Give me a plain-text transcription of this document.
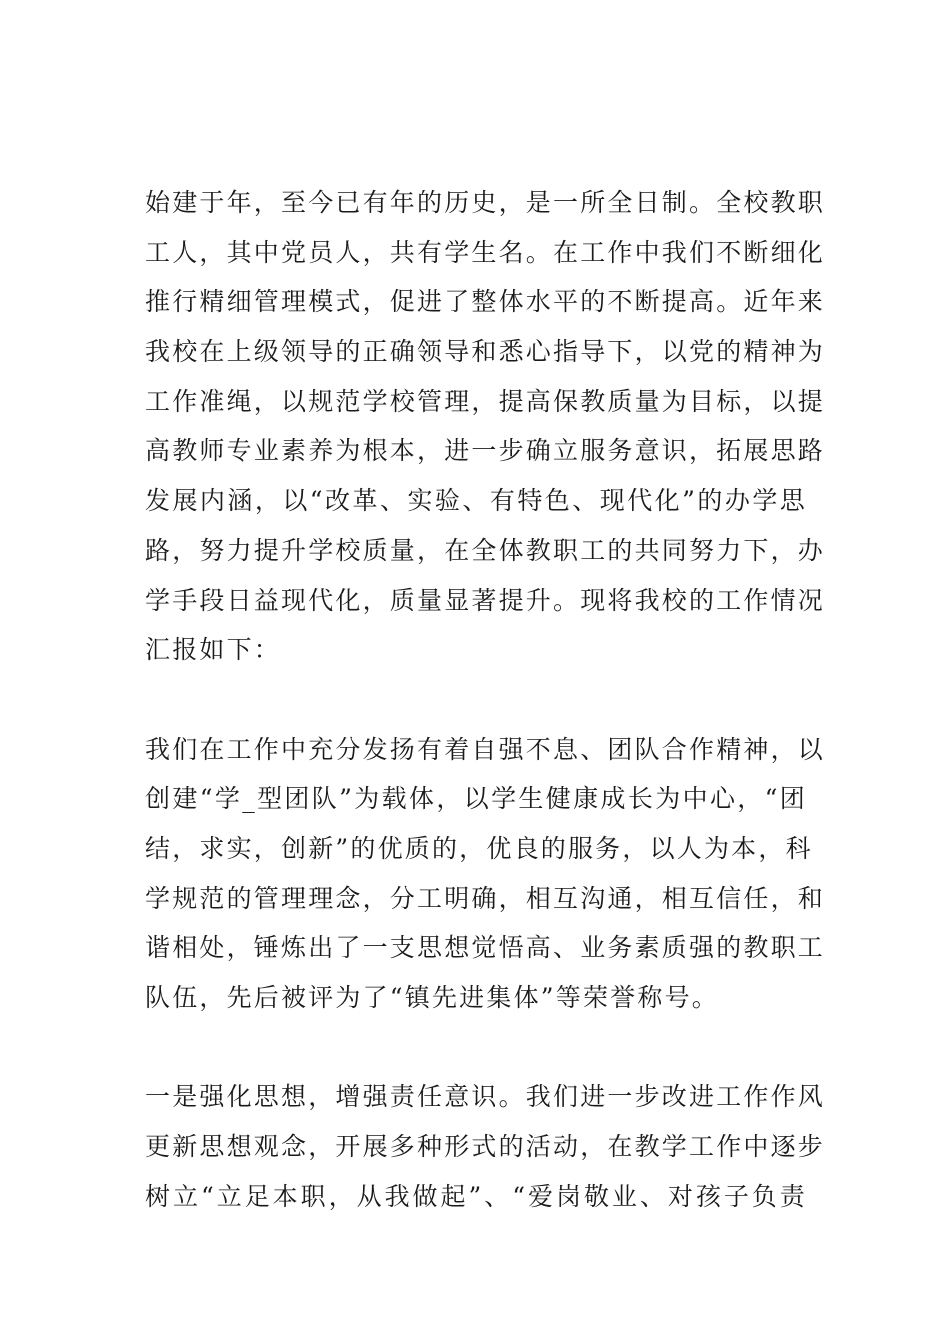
始建于年，至今已有年的历史，是一所全日制。全校教职
工人，其中党员人，共有学生名。在工作中我们不断细化
推行精细管理模式，促进了整体水平的不断提高。近年来
我校在上级领导的正确领导和悉心指导下，以党的精神为
工作准绳，以规范学校管理，提高保教质量为目标，以提
高教师专业素养为根本，进一步确立服务意识，拓展思路
发展内涵，以“改革、实验、有特色、现代化”的办学思
路，努力提升学校质量，在全体教职工的共同努力下，办
学手段日益现代化，质量显著提升。现将我校的工作情况
汇报如下：

我们在工作中充分发扬有着自强不息、团队合作精神，以
创建“学_型团队”为载体，以学生健康成长为中心，“团
结，求实，创新”的优质的，优良的服务，以人为本，科
学规范的管理理念，分工明确，相互沟通，相互信任，和
谐相处，锤炼出了一支思想觉悟高、业务素质强的教职工
队伍，先后被评为了“镇先进集体”等荣誉称号。

一是强化思想，增强责任意识。我们进一步改进工作作风
更新思想观念，开展多种形式的活动，在教学工作中逐步
树立“立足本职，从我做起”、“爱岗敬业、对孩子负责
